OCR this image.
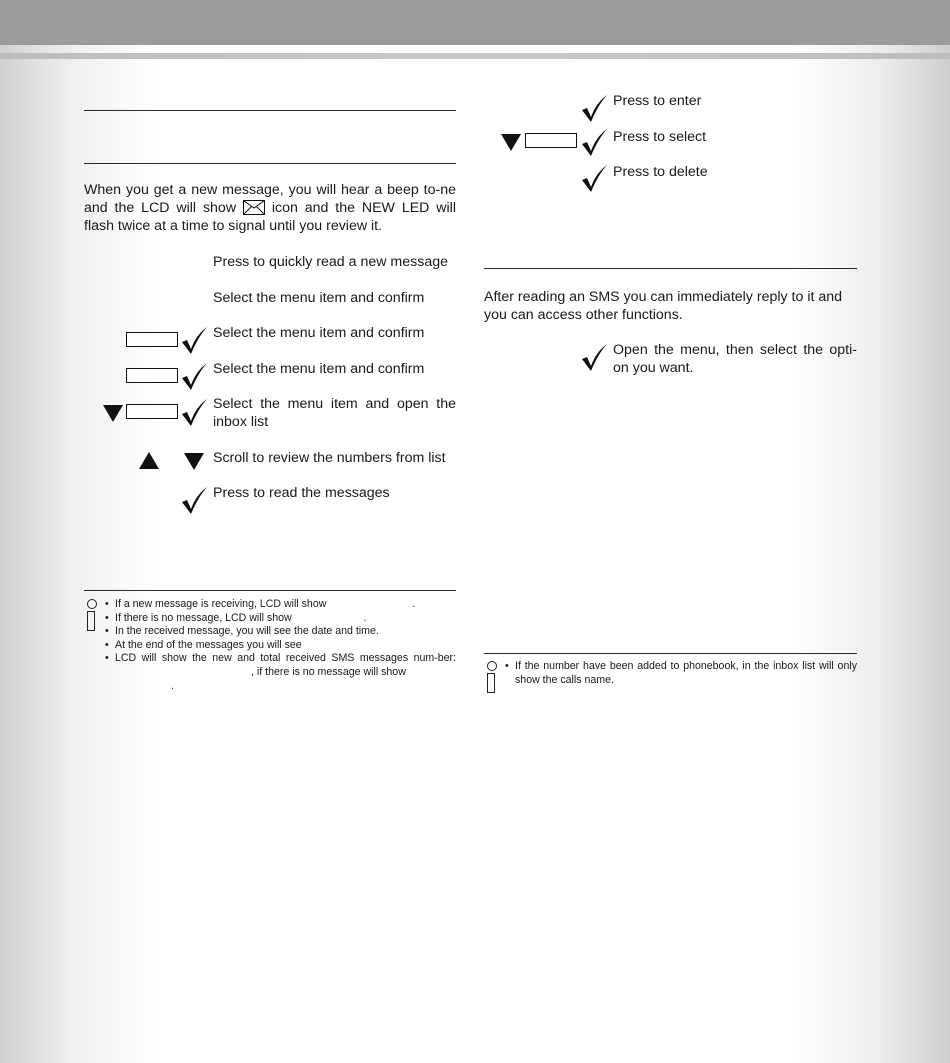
When you get a new message, you will hear a beep to-ne and the LCD will show	icon and the NEW LED will flash twice at a time to signal until you review it.

Press to quickly read a new message
Select the menu item and confirm
Select the menu item and confirm
Select the menu item and confirm
Select the menu item and open the inbox list
Scroll to review the numbers from list
Press to read the messages
• If a new message is receiving, LCD will show	.
• If there is no message, LCD will show	.
• In the received message, you will see the date and time.
• At the end of the messages you will see
• LCD will show the new and total received SMS messages num-ber:, if there is no message will show
.
Press to enter
Press to select
Press to delete

After reading an SMS you can immediately reply to it and you can access other functions.

Open the menu, then select the opti-on you want.
• If the number have been added to phonebook, in the inbox list will only show the calls name.
